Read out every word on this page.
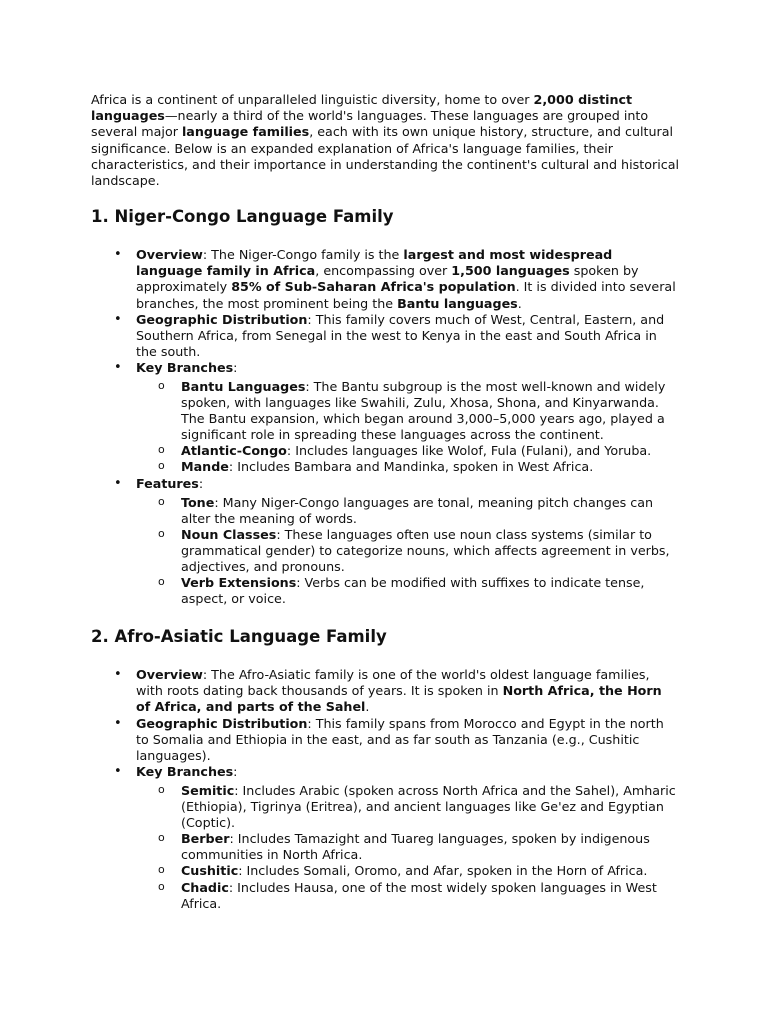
Africa is a continent of unparalleled linguistic diversity, home to over 2,000 distinct languages—nearly a third of the world's languages. These languages are grouped into several major language families, each with its own unique history, structure, and cultural significance. Below is an expanded explanation of Africa's language families, their characteristics, and their importance in understanding the continent's cultural and historical landscape.

1. Niger-Congo Language Family
• Overview: The Niger-Congo family is the largest and most widespread language family in Africa, encompassing over 1,500 languages spoken by approximately 85% of Sub-Saharan Africa's population. It is divided into several branches, the most prominent being the Bantu languages.
• Geographic Distribution: This family covers much of West, Central, Eastern, and Southern Africa, from Senegal in the west to Kenya in the east and South Africa in the south.
• Key Branches:
o Bantu Languages: The Bantu subgroup is the most well-known and widely spoken, with languages like Swahili, Zulu, Xhosa, Shona, and Kinyarwanda. The Bantu expansion, which began around 3,000–5,000 years ago, played a significant role in spreading these languages across the continent.
o Atlantic-Congo: Includes languages like Wolof, Fula (Fulani), and Yoruba.
o Mande: Includes Bambara and Mandinka, spoken in West Africa.
• Features:
o Tone: Many Niger-Congo languages are tonal, meaning pitch changes can alter the meaning of words.
o Noun Classes: These languages often use noun class systems (similar to grammatical gender) to categorize nouns, which affects agreement in verbs, adjectives, and pronouns.
o Verb Extensions: Verbs can be modified with suffixes to indicate tense, aspect, or voice.
2. Afro-Asiatic Language Family
• Overview: The Afro-Asiatic family is one of the world's oldest language families, with roots dating back thousands of years. It is spoken in North Africa, the Horn of Africa, and parts of the Sahel.
• Geographic Distribution: This family spans from Morocco and Egypt in the north to Somalia and Ethiopia in the east, and as far south as Tanzania (e.g., Cushitic languages).
• Key Branches:
o Semitic: Includes Arabic (spoken across North Africa and the Sahel), Amharic (Ethiopia), Tigrinya (Eritrea), and ancient languages like Ge'ez and Egyptian (Coptic).
o Berber: Includes Tamazight and Tuareg languages, spoken by indigenous communities in North Africa.
o Cushitic: Includes Somali, Oromo, and Afar, spoken in the Horn of Africa.
o Chadic: Includes Hausa, one of the most widely spoken languages in West Africa.
